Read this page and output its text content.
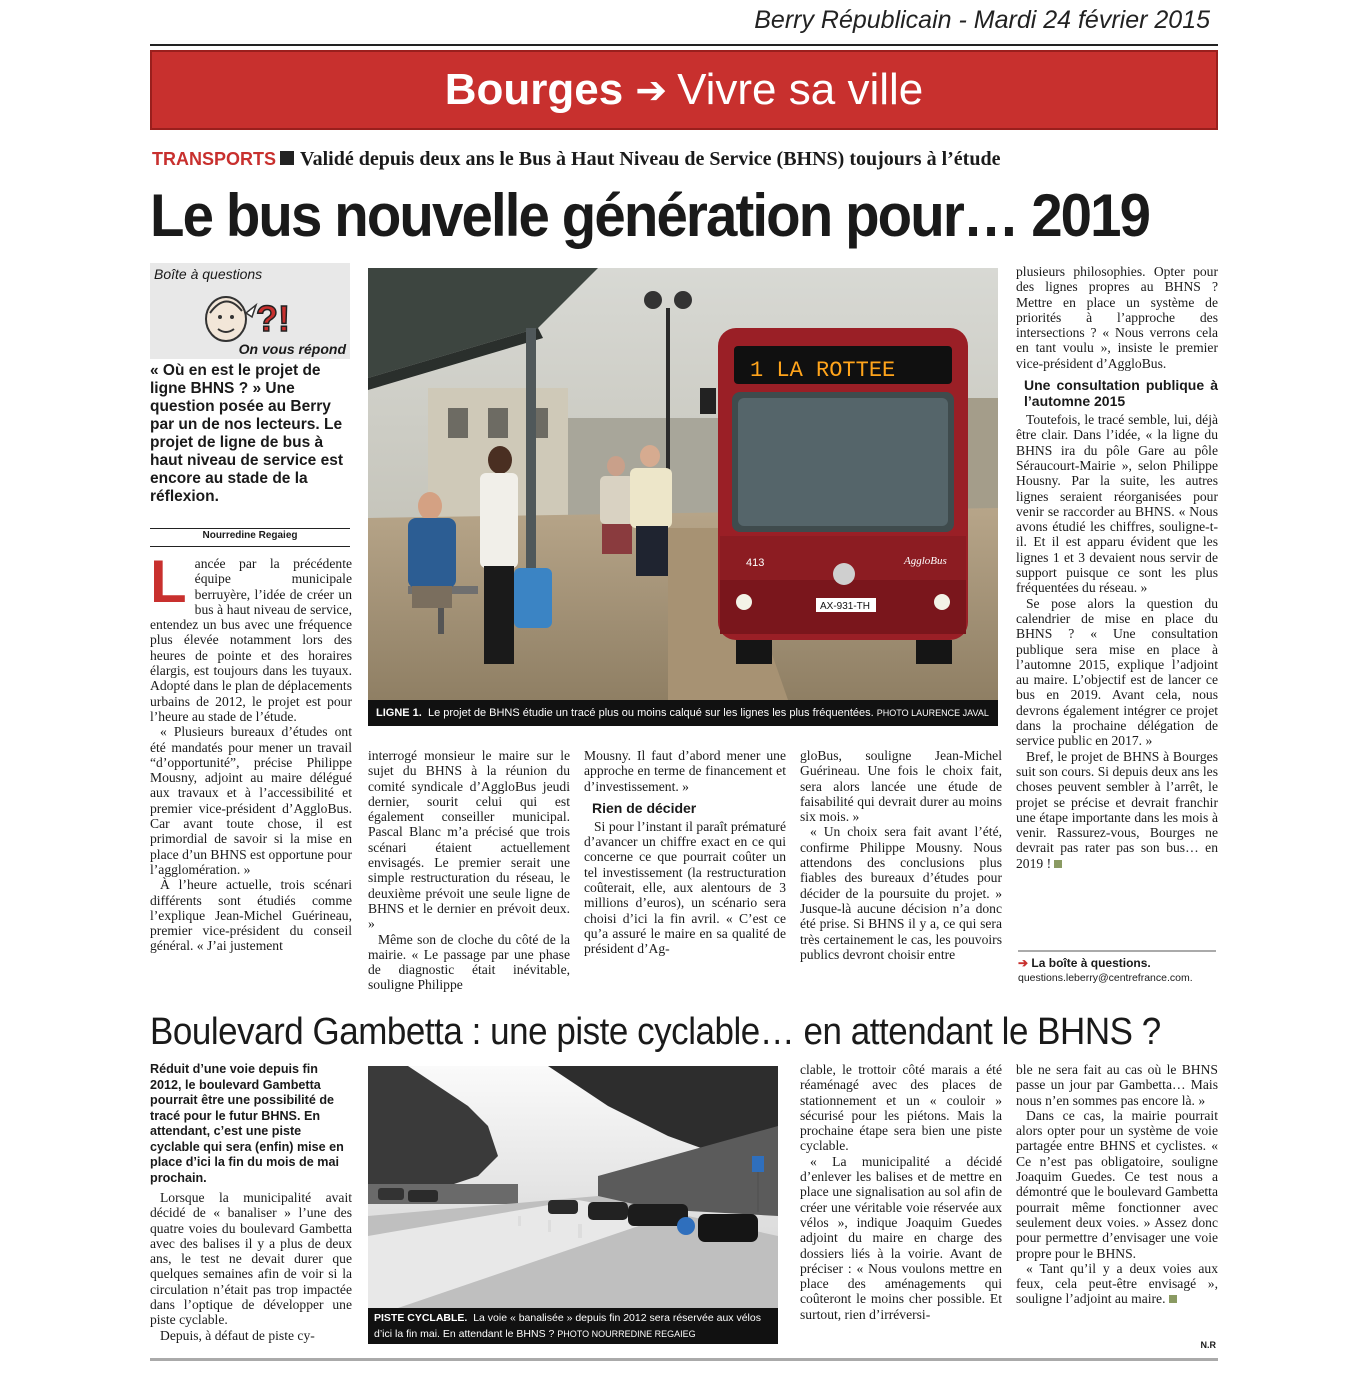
Berry Républicain - Mardi 24 février 2015
Bourges ➔ Vivre sa ville
TRANSPORTS Validé depuis deux ans le Bus à Haut Niveau de Service (BHNS) toujours à l’étude
Le bus nouvelle génération pour… 2019
Boîte à questions
?!
On vous répond
« Où en est le projet de ligne BHNS ? » Une question posée au Berry par un de nos lecteurs. Le projet de ligne de bus à haut niveau de service est encore au stade de la réflexion.
Nourredine Regaieg
L ancée par la précédente équipe municipale berruyère, l’idée de créer un bus à haut niveau de service, entendez un bus avec une fréquence plus élevée notamment lors des heures de pointe et des horaires élargis, est toujours dans les tuyaux. Adopté dans le plan de déplacements urbains de 2012, le projet est pour l’heure au stade de l’étude.

« Plusieurs bureaux d’études ont été mandatés pour mener un travail “d’opportunité”, précise Philippe Mousny, adjoint au maire délégué aux travaux et à l’accessibilité et premier vice-président d’AggloBus. Car avant toute chose, il est primordial de savoir si la mise en place d’un BHNS est opportune pour l’agglomération. »

À l’heure actuelle, trois scénari différents sont étudiés comme l’explique Jean-Michel Guérineau, premier vice-président du conseil général. « J’ai justement

1 LA ROTTEE
413	AggloBus
AX-931-TH
LIGNE 1. Le projet de BHNS étudie un tracé plus ou moins calqué sur les lignes les plus fréquentées. PHOTO LAURENCE JAVAL

interrogé monsieur le maire sur le sujet du BHNS à la réunion du comité syndicale d’AggloBus jeudi dernier, sourit celui qui est également conseiller municipal. Pascal Blanc m’a précisé que trois scénari étaient actuellement envisagés. Le premier serait une simple restructuration du réseau, le deuxième prévoit une seule ligne de BHNS et le dernier en prévoit deux. »

Même son de cloche du côté de la mairie. « Le passage par une phase de diagnostic était inévitable, souligne Philippe

Mousny. Il faut d’abord mener une approche en terme de financement et d’investissement. »

Rien de décider

Si pour l’instant il paraît prématuré d’avancer un chiffre exact en ce qui concerne ce que pourrait coûter un tel investissement (la restructuration coûterait, elle, aux alentours de 3 millions d’euros), un scénario sera choisi d’ici la fin avril. « C’est ce qu’a assuré le maire en sa qualité de président d’Ag-

gloBus, souligne Jean-Michel Guérineau. Une fois le choix fait, sera alors lancée une étude de faisabilité qui devrait durer au moins six mois. »

« Un choix sera fait avant l’été, confirme Philippe Mousny. Nous attendons des conclusions plus fiables des bureaux d’études pour décider de la poursuite du projet. » Jusque-là aucune décision n’a donc été prise. Si BHNS il y a, ce qui sera très certainement le cas, les pouvoirs publics devront choisir entre

plusieurs philosophies. Opter pour des lignes propres au BHNS ? Mettre en place un système de priorités à l’approche des intersections ? « Nous verrons cela en tant voulu », insiste le premier vice-président d’AggloBus.

Une consultation publique à l’automne 2015

Toutefois, le tracé semble, lui, déjà être clair. Dans l’idée, « la ligne du BHNS ira du pôle Gare au pôle Séraucourt-Mairie », selon Philippe Housny. Par la suite, les autres lignes seraient réorganisées pour venir se raccorder au BHNS. « Nous avons étudié les chiffres, souligne-t-il. Et il est apparu évident que les lignes 1 et 3 devaient nous servir de support puisque ce sont les plus fréquentées du réseau. »

Se pose alors la question du calendrier de mise en place du BHNS ? « Une consultation publique sera mise en place à l’automne 2015, explique l’adjoint au maire. L’objectif est de lancer ce bus en 2019. Avant cela, nous devrons également intégrer ce projet dans la prochaine délégation de service public en 2017. »

Bref, le projet de BHNS à Bourges suit son cours. Si depuis deux ans les choses peuvent sembler à l’arrêt, le projet se précise et devrait franchir une étape importante dans les mois à venir. Rassurez-vous, Bourges ne devrait pas rater pas son bus… en 2019 !

➔ La boîte à questions.
questions.leberry@centrefrance.com.
Boulevard Gambetta : une piste cyclable… en attendant le BHNS ?
Réduit d’une voie depuis fin 2012, le boulevard Gambetta pourrait être une possibilité de tracé pour le futur BHNS. En attendant, c’est une piste cyclable qui sera (enfin) mise en place d’ici la fin du mois de mai prochain.

Lorsque la municipalité avait décidé de « banaliser » l’une des quatre voies du boulevard Gambetta avec des balises il y a plus de deux ans, le test ne devait durer que quelques semaines afin de voir si la circulation n’était pas trop impactée dans l’optique de développer une piste cyclable.

Depuis, à défaut de piste cy-

PISTE CYCLABLE. La voie « banalisée » depuis fin 2012 sera réservée aux vélos d’ici la fin mai. En attendant le BHNS ? PHOTO NOURREDINE REGAIEG

clable, le trottoir côté marais a été réaménagé avec des places de stationnement et un « couloir » sécurisé pour les piétons. Mais la prochaine étape sera bien une piste cyclable.

« La municipalité a décidé d’enlever les balises et de mettre en place une signalisation au sol afin de créer une véritable voie réservée aux vélos », indique Joaquim Guedes adjoint du maire en charge des dossiers liés à la voirie. Avant de préciser : « Nous voulons mettre en place des aménagements qui coûteront le moins cher possible. Et surtout, rien d’irréversi-

ble ne sera fait au cas où le BHNS passe un jour par Gambetta… Mais nous n’en sommes pas encore là. »

Dans ce cas, la mairie pourrait alors opter pour un système de voie partagée entre BHNS et cyclistes. « Ce n’est pas obligatoire, souligne Joaquim Guedes. Ce test nous a démontré que le boulevard Gambetta pourrait même fonctionner avec seulement deux voies. » Assez donc pour permettre d’envisager une voie propre pour le BHNS.

« Tant qu’il y a deux voies aux feux, cela peut-être envisagé », souligne l’adjoint au maire.

N.R
